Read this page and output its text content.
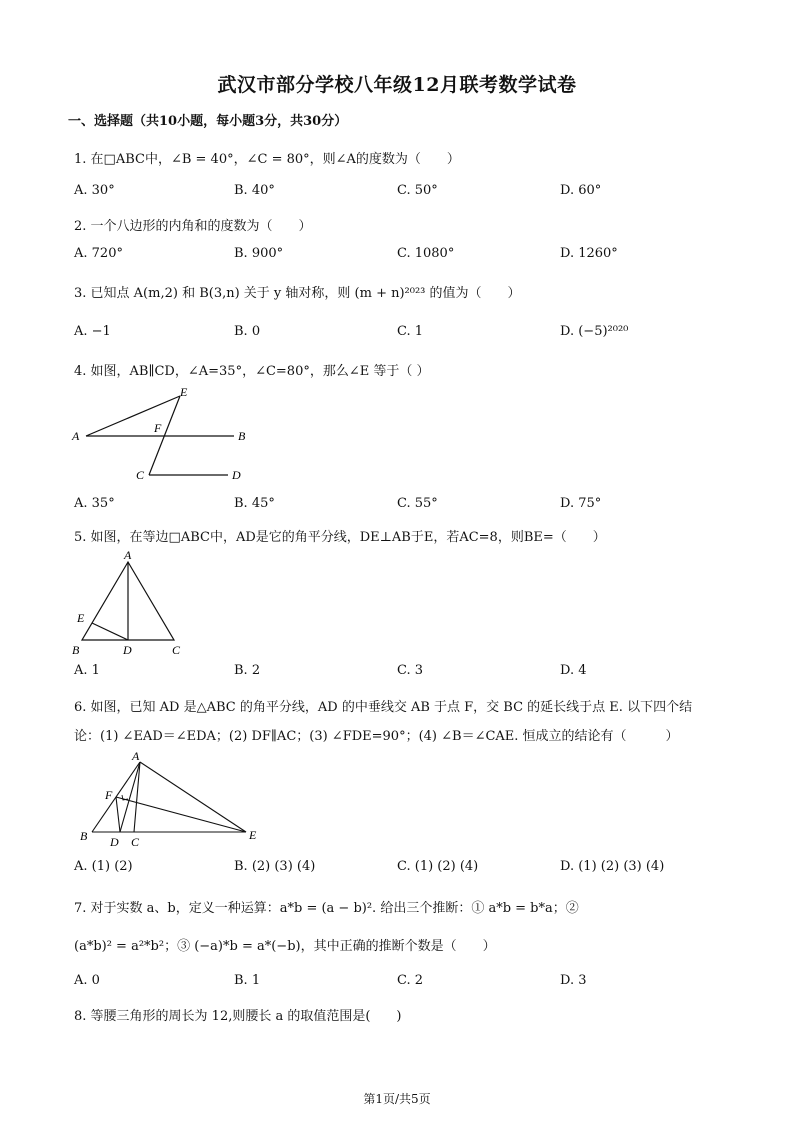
武汉市部分学校八年级12月联考数学试卷
一、选择题（共10小题，每小题3分，共30分）
1. 在□ABC中，∠B = 40°，∠C = 80°，则∠A的度数为（　　）
A. 30°	B. 40°	C. 50°	D. 60°
2. 一个八边形的内角和的度数为（　　）
A. 720°	B. 900°	C. 1080°	D. 1260°
3. 已知点 A(m,2) 和 B(3,n) 关于 y 轴对称，则 (m + n)²⁰²³ 的值为（　　）
A. −1	B. 0	C. 1	D. (−5)²⁰²⁰
4. 如图，AB∥CD，∠A=35°，∠C=80°，那么∠E 等于（ ）
A	B
C	D
E
F
A. 35°	B. 45°	C. 55°	D. 75°
5. 如图，在等边□ABC中，AD是它的角平分线，DE⊥AB于E，若AC=8，则BE=（　　）
A
B	C
D
E
A. 1	B. 2	C. 3	D. 4
6. 如图，已知 AD 是△ABC 的角平分线，AD 的中垂线交 AB 于点 F，交 BC 的延长线于点 E. 以下四个结
论：(1) ∠EAD＝∠EDA；(2) DF∥AC；(3) ∠FDE=90°；(4) ∠B＝∠CAE. 恒成立的结论有（　　　）
A
B	C
D	E
F
A. (1) (2)	B. (2) (3) (4)	C. (1) (2) (4)	D. (1) (2) (3) (4)
7. 对于实数 a、b，定义一种运算：a*b = (a − b)². 给出三个推断：① a*b = b*a；②
(a*b)² = a²*b²；③ (−a)*b = a*(−b)，其中正确的推断个数是（　　）
A. 0	B. 1	C. 2	D. 3
8. 等腰三角形的周长为 12,则腰长 a 的取值范围是(　　)
第1页/共5页
